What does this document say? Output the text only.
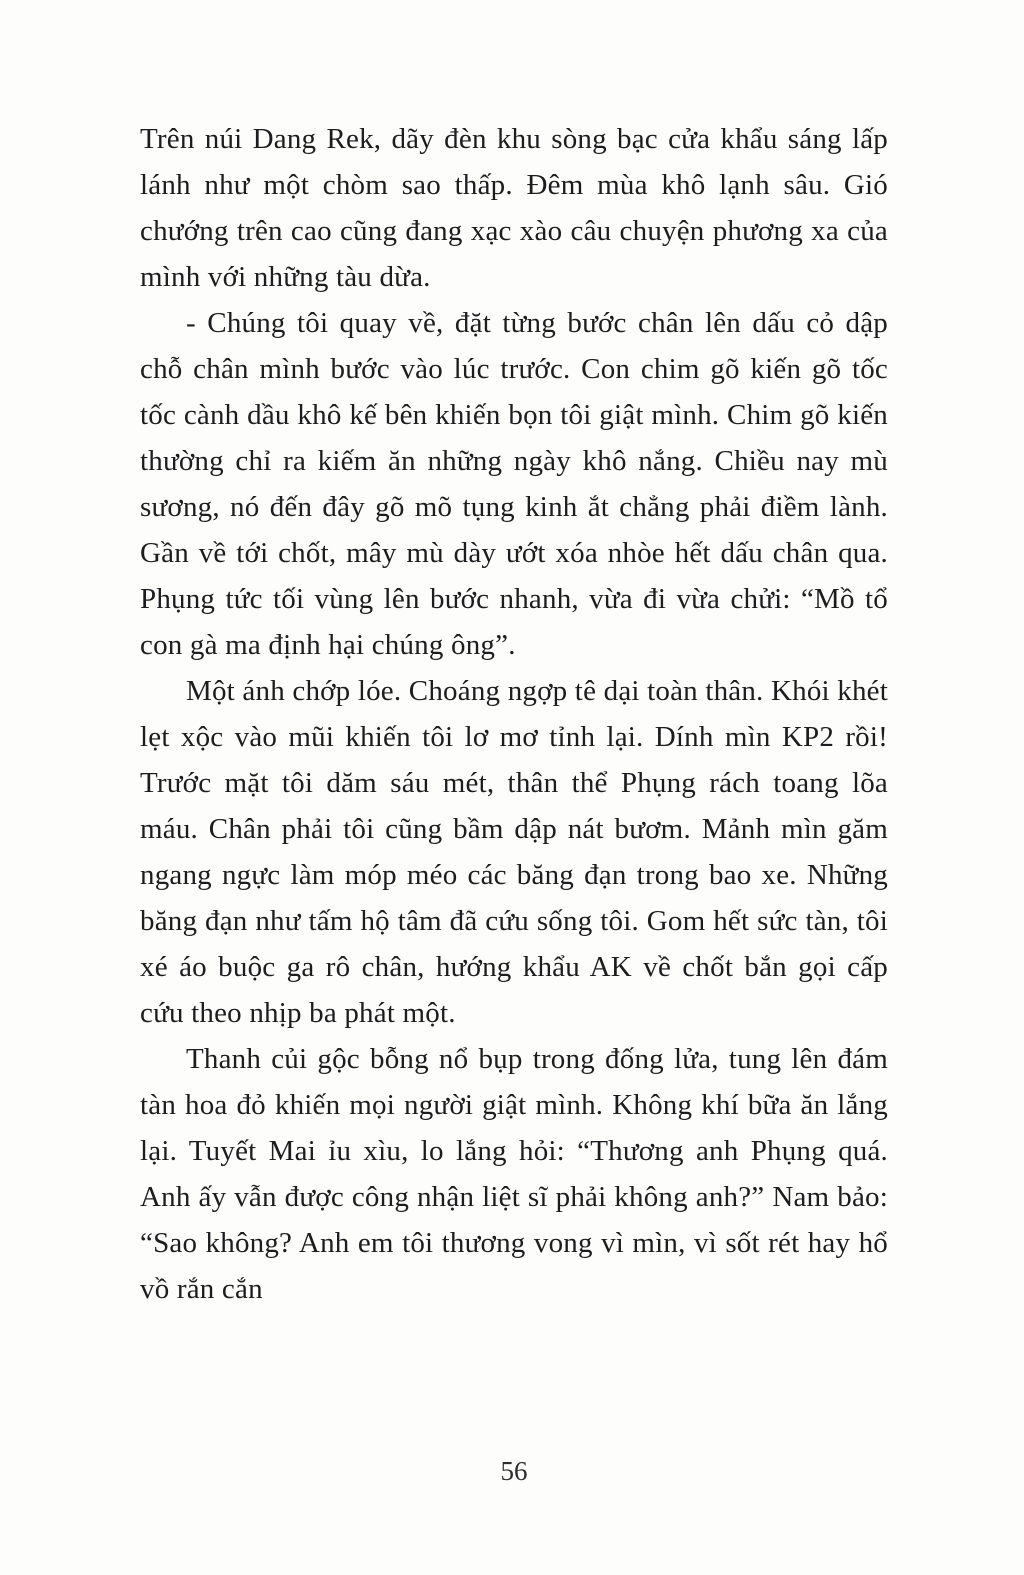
Trên núi Dang Rek, dãy đèn khu sòng bạc cửa khẩu sáng lấp lánh như một chòm sao thấp. Đêm mùa khô lạnh sâu. Gió chướng trên cao cũng đang xạc xào câu chuyện phương xa của mình với những tàu dừa.

- Chúng tôi quay về, đặt từng bước chân lên dấu cỏ dập chỗ chân mình bước vào lúc trước. Con chim gõ kiến gõ tốc tốc cành dầu khô kế bên khiến bọn tôi giật mình. Chim gõ kiến thường chỉ ra kiếm ăn những ngày khô nắng. Chiều nay mù sương, nó đến đây gõ mõ tụng kinh ắt chẳng phải điềm lành. Gần về tới chốt, mây mù dày ướt xóa nhòe hết dấu chân qua. Phụng tức tối vùng lên bước nhanh, vừa đi vừa chửi: “Mồ tổ con gà ma định hại chúng ông”.

Một ánh chớp lóe. Choáng ngợp tê dại toàn thân. Khói khét lẹt xộc vào mũi khiến tôi lơ mơ tỉnh lại. Dính mìn KP2 rồi! Trước mặt tôi dăm sáu mét, thân thể Phụng rách toang lõa máu. Chân phải tôi cũng bầm dập nát bươm. Mảnh mìn găm ngang ngực làm móp méo các băng đạn trong bao xe. Những băng đạn như tấm hộ tâm đã cứu sống tôi. Gom hết sức tàn, tôi xé áo buộc ga rô chân, hướng khẩu AK về chốt bắn gọi cấp cứu theo nhịp ba phát một.

Thanh củi gộc bỗng nổ bụp trong đống lửa, tung lên đám tàn hoa đỏ khiến mọi người giật mình. Không khí bữa ăn lắng lại. Tuyết Mai ỉu xìu, lo lắng hỏi: “Thương anh Phụng quá. Anh ấy vẫn được công nhận liệt sĩ phải không anh?” Nam bảo: “Sao không? Anh em tôi thương vong vì mìn, vì sốt rét hay hổ vồ rắn cắn

56
